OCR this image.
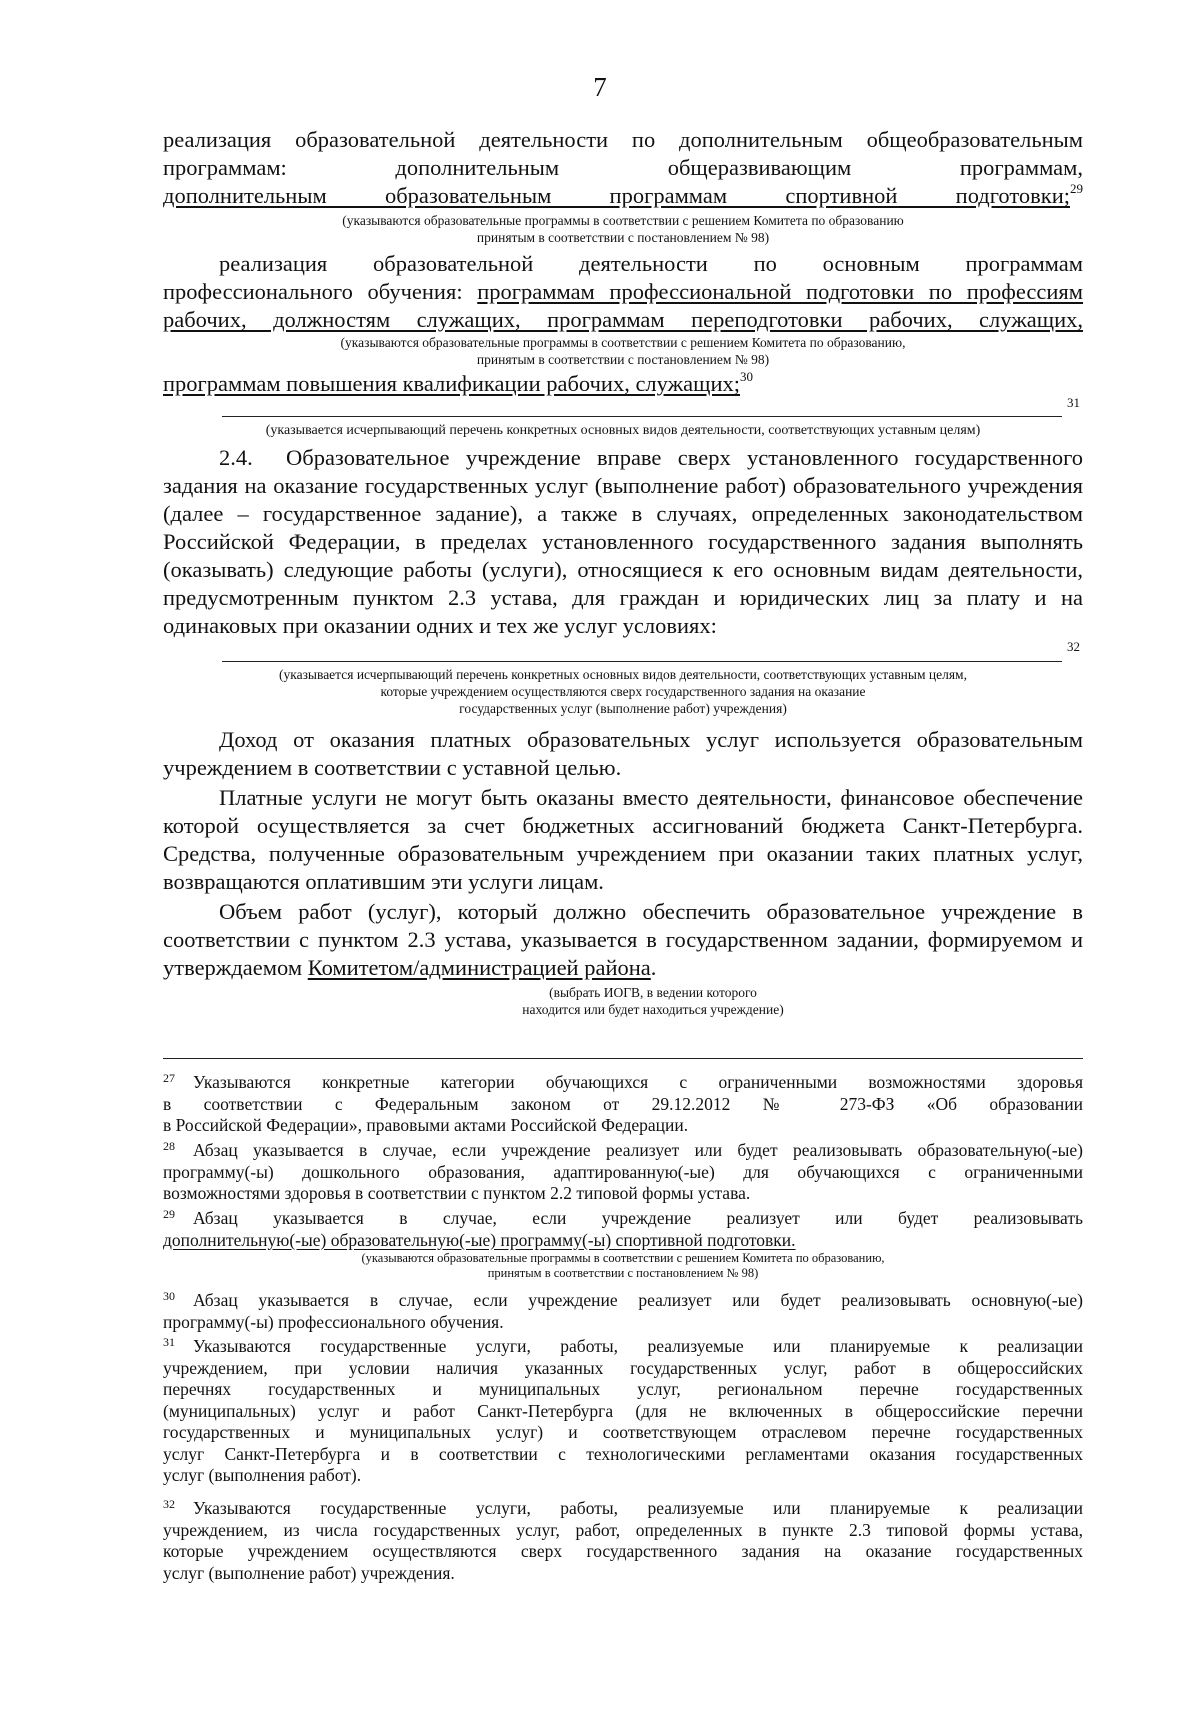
7
реализация образовательной деятельности по дополнительным общеобразовательным
программам: дополнительным общеразвивающим программам,
дополнительным образовательным программам спортивной подготовки;$^{29}$
(указываются образовательные программы в соответствии с решением Комитета по образованию
принятым в соответствии с постановлением № 98)
реализация образовательной деятельности по основным программам
профессионального обучения: программам профессиональной подготовки по профессиям
рабочих, должностям служащих, программам переподготовки рабочих, служащих,
(указываются образовательные программы в соответствии с решением Комитета по образованию,
принятым в соответствии с постановлением № 98)
программам повышения квалификации рабочих, служащих;$^{30}$
31
(указывается исчерпывающий перечень конкретных основных видов деятельности, соответствующих уставным целям)
2.4. Образовательное учреждение вправе сверх установленного государственного задания на оказание государственных услуг (выполнение работ) образовательного учреждения (далее – государственное задание), а также в случаях, определенных законодательством Российской Федерации, в пределах установленного государственного задания выполнять (оказывать) следующие работы (услуги), относящиеся к его основным видам деятельности, предусмотренным пунктом 2.3 устава, для граждан и юридических лиц за плату и на одинаковых при оказании одних и тех же услуг условиях:
32
(указывается исчерпывающий перечень конкретных основных видов деятельности, соответствующих уставным целям,
которые учреждением осуществляются сверх государственного задания на оказание
государственных услуг (выполнение работ) учреждения)
Доход от оказания платных образовательных услуг используется образовательным учреждением в соответствии с уставной целью.
Платные услуги не могут быть оказаны вместо деятельности, финансовое обеспечение которой осуществляется за счет бюджетных ассигнований бюджета Санкт-Петербурга. Средства, полученные образовательным учреждением при оказании таких платных услуг, возвращаются оплатившим эти услуги лицам.
Объем работ (услуг), который должно обеспечить образовательное учреждение в соответствии с пунктом 2.3 устава, указывается в государственном задании, формируемом и утверждаемом Комитетом/администрацией района.
(выбрать ИОГВ, в ведении которого
находится или будет находиться учреждение)
27 Указываются конкретные категории обучающихся с ограниченными возможностями здоровья
в соответствии с Федеральным законом от 29.12.2012 № 273-ФЗ «Об образовании
в Российской Федерации», правовыми актами Российской Федерации.
28 Абзац указывается в случае, если учреждение реализует или будет реализовывать образовательную(-ые)
программу(-ы) дошкольного образования, адаптированную(-ые) для обучающихся с ограниченными
возможностями здоровья в соответствии с пунктом 2.2 типовой формы устава.
29 Абзац указывается в случае, если учреждение реализует или будет реализовывать
дополнительную(-ые) образовательную(-ые) программу(-ы) спортивной подготовки.
(указываются образовательные программы в соответствии с решением Комитета по образованию,
принятым в соответствии с постановлением № 98)
30 Абзац указывается в случае, если учреждение реализует или будет реализовывать основную(-ые)
программу(-ы) профессионального обучения.
31 Указываются государственные услуги, работы, реализуемые или планируемые к реализации
учреждением, при условии наличия указанных государственных услуг, работ в общероссийских
перечнях государственных и муниципальных услуг, региональном перечне государственных
(муниципальных) услуг и работ Санкт-Петербурга (для не включенных в общероссийские перечни
государственных и муниципальных услуг) и соответствующем отраслевом перечне государственных
услуг Санкт-Петербурга и в соответствии с технологическими регламентами оказания государственных
услуг (выполнения работ).
32 Указываются государственные услуги, работы, реализуемые или планируемые к реализации
учреждением, из числа государственных услуг, работ, определенных в пункте 2.3 типовой формы устава,
которые учреждением осуществляются сверх государственного задания на оказание государственных
услуг (выполнение работ) учреждения.
